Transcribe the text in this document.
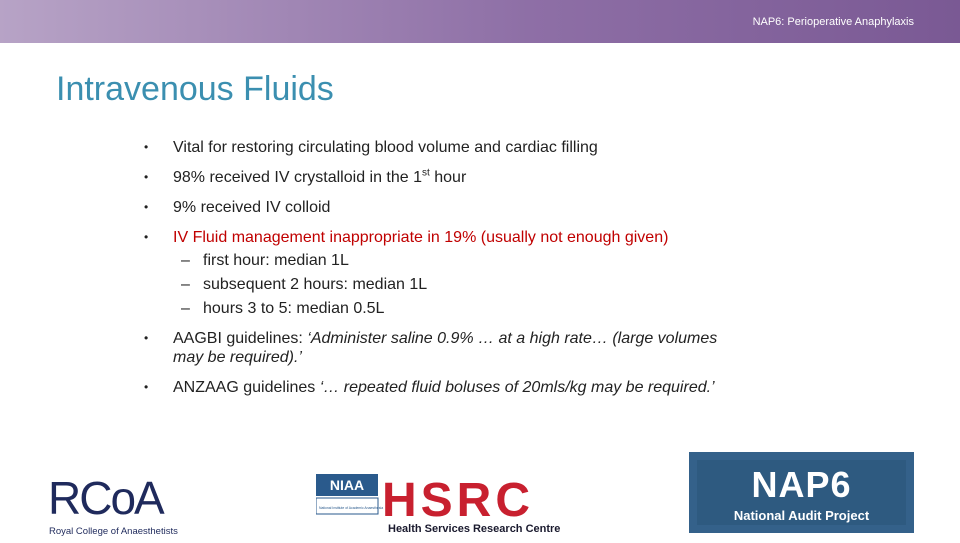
NAP6: Perioperative Anaphylaxis
Intravenous Fluids
• Vital for restoring circulating blood volume and cardiac filling
• 98% received IV crystalloid in the 1st hour
• 9% received IV colloid
• IV Fluid management inappropriate in 19% (usually not enough given)
– first hour: median 1L
– subsequent 2 hours: median 1L
– hours 3 to 5: median 0.5L
• AAGBI guidelines: ‘Administer saline 0.9% … at a high rate… (large volumes
may be required).’
• ANZAAG guidelines ‘… repeated fluid boluses of 20mls/kg may be required.’
RCoA
Royal College of Anaesthetists
NIAA
National Institute of Academic Anaesthesia
HSRC
Health Services Research Centre
NAP6
National Audit Project
